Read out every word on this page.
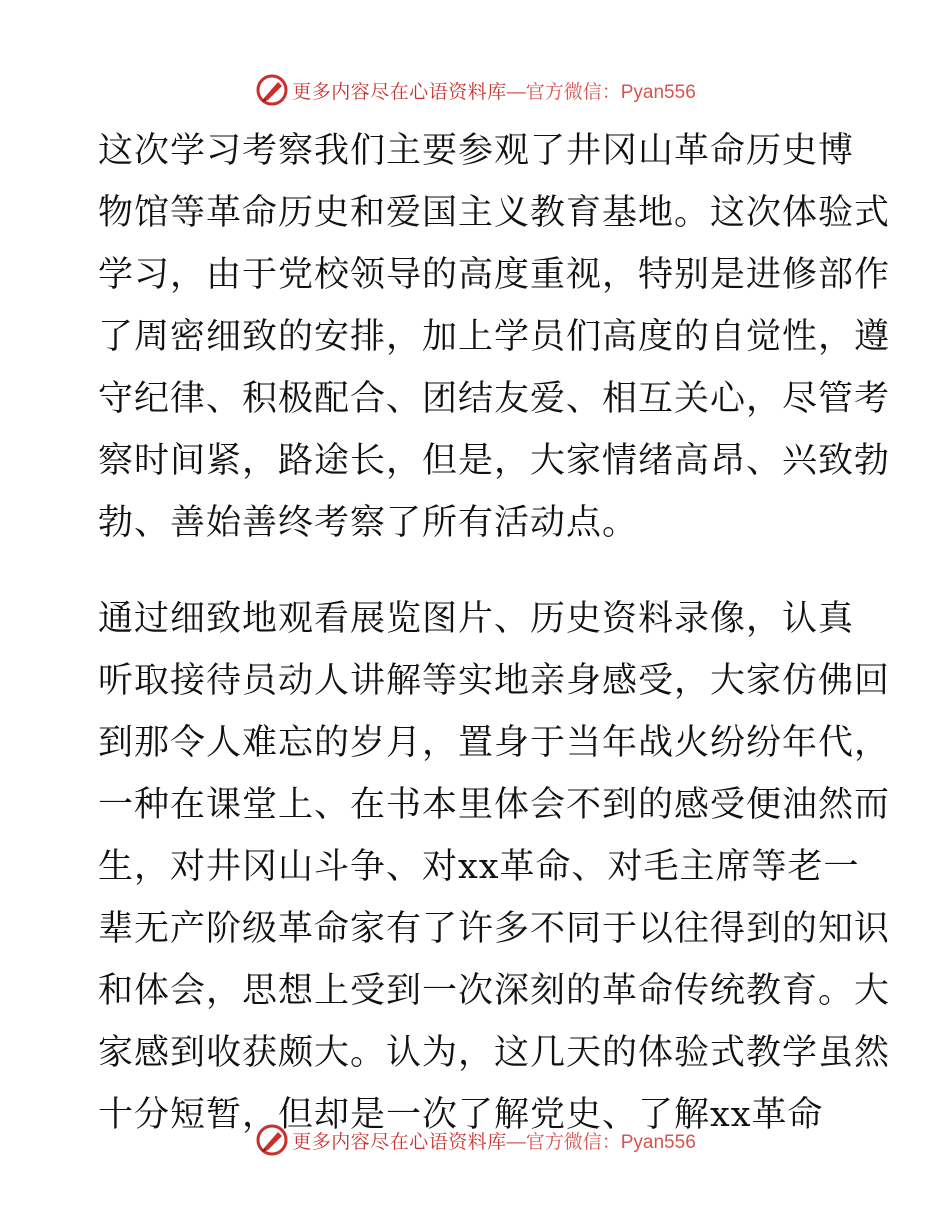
更多内容尽在心语资料库 —官方微信：Pyan556
这次学习考察我们主要参观了井冈山革命历史博
物馆等革命历史和爱国主义教育基地。这次体验式
学习，由于党校领导的高度重视，特别是进修部作
了周密细致的安排，加上学员们高度的自觉性，遵
守纪律、积极配合、团结友爱、相互关心，尽管考
察时间紧，路途长，但是，大家情绪高昂、兴致勃
勃、善始善终考察了所有活动点。
通过细致地观看展览图片、历史资料录像，认真
听取接待员动人讲解等实地亲身感受，大家仿佛回
到那令人难忘的岁月，置身于当年战火纷纷年代，
一种在课堂上、在书本里体会不到的感受便油然而
生，对井冈山斗争、对xx革命、对毛主席等老一
辈无产阶级革命家有了许多不同于以往得到的知识
和体会，思想上受到一次深刻的革命传统教育。大
家感到收获颇大。认为，这几天的体验式教学虽然
十分短暂，但却是一次了解党史、了解xx革命
更多内容尽在心语资料库 —官方微信：Pyan556
